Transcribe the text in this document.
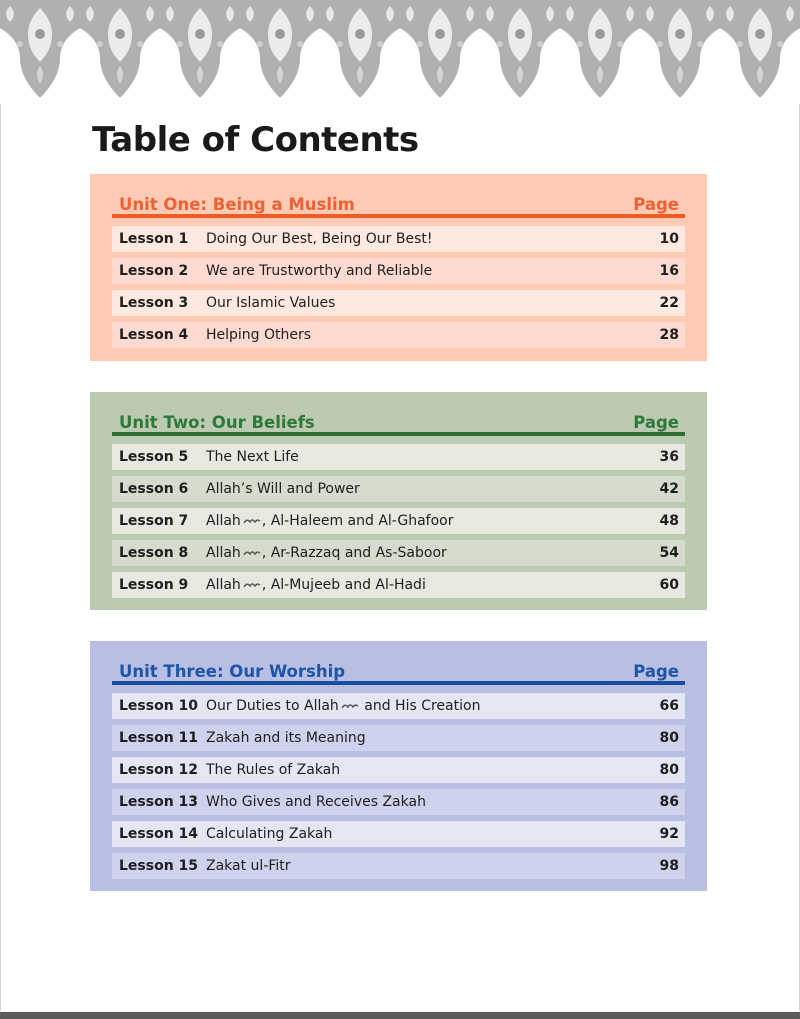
Table of Contents
Unit One: Being a Muslim	Page
Lesson 1	Doing Our Best, Being Our Best!	10
Lesson 2	We are Trustworthy and Reliable	16
Lesson 3	Our Islamic Values	22
Lesson 4	Helping Others	28
Unit Two: Our Beliefs	Page
Lesson 5	The Next Life	36
Lesson 6	Allah’s Will and Power	42
Lesson 7	Allah , Al-Haleem and Al-Ghafoor	48
Lesson 8	Allah , Ar-Razzaq and As-Saboor	54
Lesson 9	Allah , Al-Mujeeb and Al-Hadi	60
Unit Three: Our Worship	Page
Lesson 10 Our Duties to Allah and His Creation	66
Lesson 11 Zakah and its Meaning	80
Lesson 12 The Rules of Zakah	80
Lesson 13 Who Gives and Receives Zakah	86
Lesson 14 Calculating Zakah	92
Lesson 15 Zakat ul-Fitr	98
